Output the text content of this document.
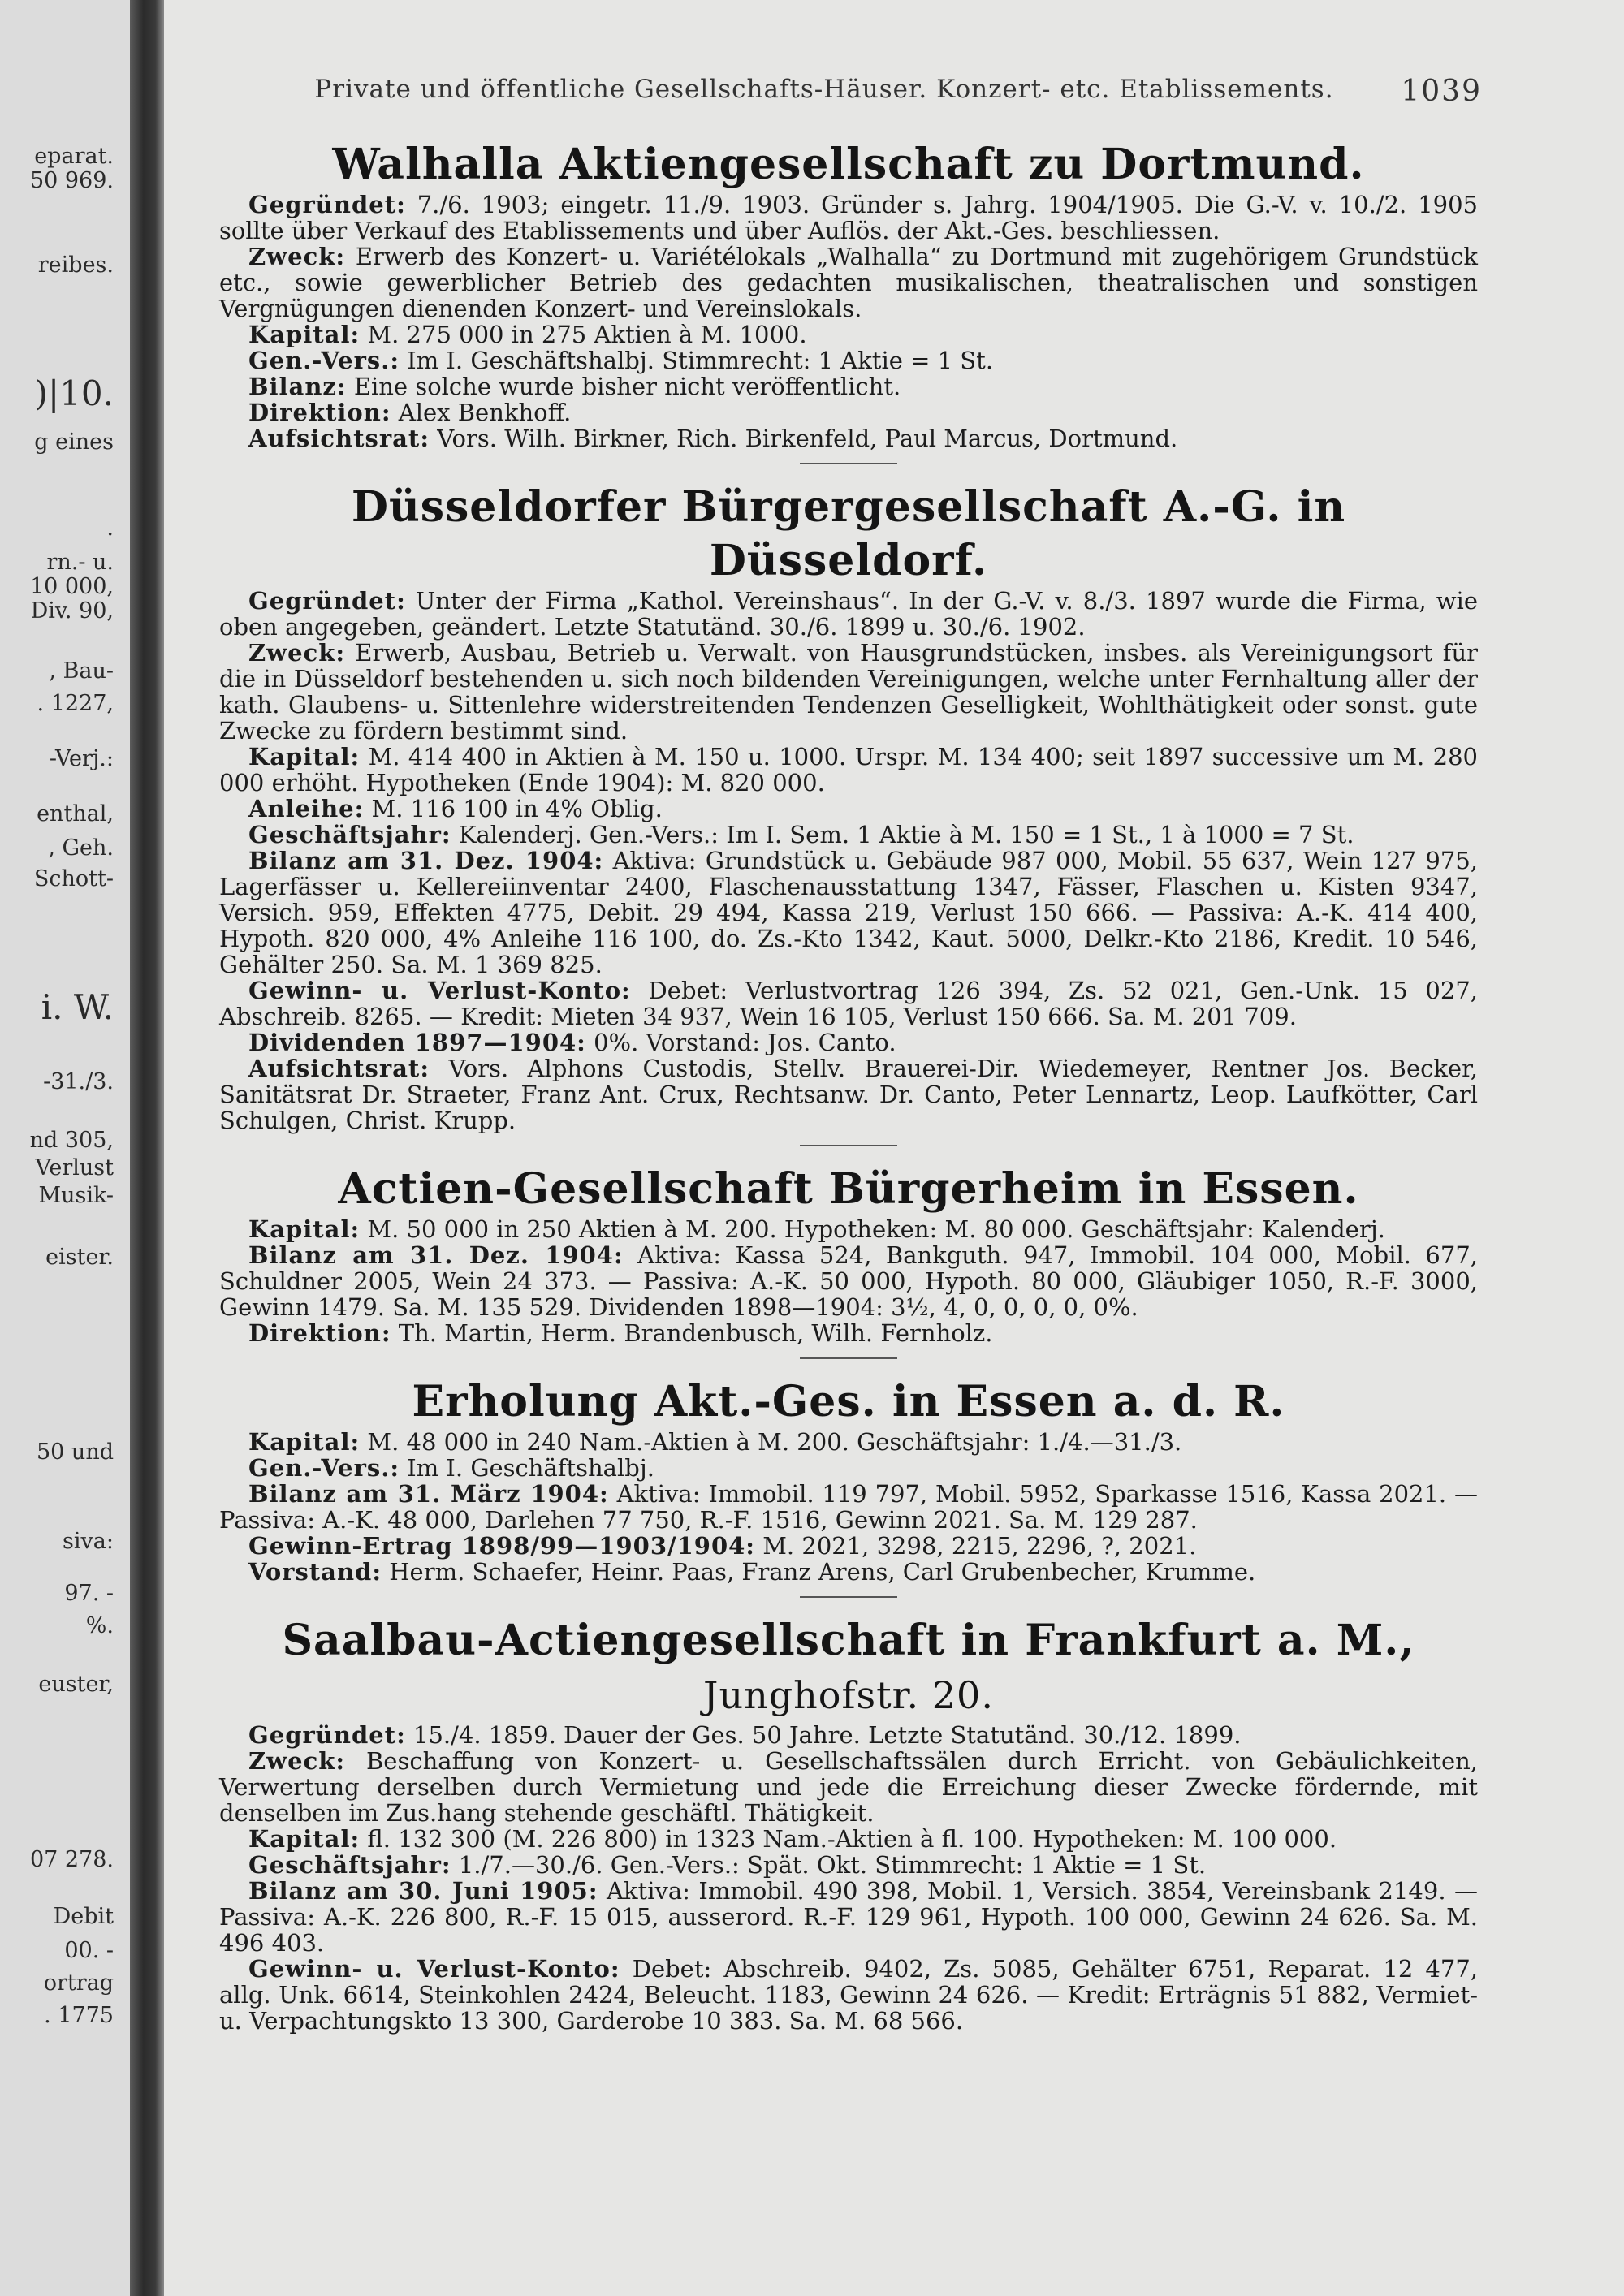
eparat.
50 969.
reibes.
)|10.
g eines
.
rn.- u.
10 000,
Div. 90,
, Bau-
. 1227,
-Verj.:
enthal,
, Geh.
Schott-
i. W.
-31./3.
nd 305,
Verlust
Musik-
eister.
50 und
siva:
97. -
%.
euster,
07 278.
Debit
00. -
ortrag
. 1775
Private und öffentliche Gesellschafts-Häuser. Konzert- etc. Etablissements. 1039
Walhalla Aktiengesellschaft zu Dortmund.

Gegründet: 7./6. 1903; eingetr. 11./9. 1903. Gründer s. Jahrg. 1904/1905. Die G.-V. v. 10./2. 1905 sollte über Verkauf des Etablissements und über Auflös. der Akt.-Ges. beschliessen.

Zweck: Erwerb des Konzert- u. Variétélokals „Walhalla“ zu Dortmund mit zugehörigem Grundstück etc., sowie gewerblicher Betrieb des gedachten musikalischen, theatralischen und sonstigen Vergnügungen dienenden Konzert- und Vereinslokals.

Kapital: M. 275 000 in 275 Aktien à M. 1000.

Gen.-Vers.: Im I. Geschäftshalbj. Stimmrecht: 1 Aktie = 1 St.

Bilanz: Eine solche wurde bisher nicht veröffentlicht.

Direktion: Alex Benkhoff.

Aufsichtsrat: Vors. Wilh. Birkner, Rich. Birkenfeld, Paul Marcus, Dortmund.

Düsseldorfer Bürgergesellschaft A.-G. in Düsseldorf.

Gegründet: Unter der Firma „Kathol. Vereinshaus“. In der G.-V. v. 8./3. 1897 wurde die Firma, wie oben angegeben, geändert. Letzte Statutänd. 30./6. 1899 u. 30./6. 1902.

Zweck: Erwerb, Ausbau, Betrieb u. Verwalt. von Hausgrundstücken, insbes. als Vereinigungsort für die in Düsseldorf bestehenden u. sich noch bildenden Vereinigungen, welche unter Fernhaltung aller der kath. Glaubens- u. Sittenlehre widerstreitenden Tendenzen Geselligkeit, Wohlthätigkeit oder sonst. gute Zwecke zu fördern bestimmt sind.

Kapital: M. 414 400 in Aktien à M. 150 u. 1000. Urspr. M. 134 400; seit 1897 successive um M. 280 000 erhöht. Hypotheken (Ende 1904): M. 820 000.

Anleihe: M. 116 100 in 4% Oblig.

Geschäftsjahr: Kalenderj. Gen.-Vers.: Im I. Sem. 1 Aktie à M. 150 = 1 St., 1 à 1000 = 7 St.

Bilanz am 31. Dez. 1904: Aktiva: Grundstück u. Gebäude 987 000, Mobil. 55 637, Wein 127 975, Lagerfässer u. Kellereiinventar 2400, Flaschenausstattung 1347, Fässer, Flaschen u. Kisten 9347, Versich. 959, Effekten 4775, Debit. 29 494, Kassa 219, Verlust 150 666. — Passiva: A.-K. 414 400, Hypoth. 820 000, 4% Anleihe 116 100, do. Zs.-Kto 1342, Kaut. 5000, Delkr.-Kto 2186, Kredit. 10 546, Gehälter 250. Sa. M. 1 369 825.

Gewinn- u. Verlust-Konto: Debet: Verlustvortrag 126 394, Zs. 52 021, Gen.-Unk. 15 027, Abschreib. 8265. — Kredit: Mieten 34 937, Wein 16 105, Verlust 150 666. Sa. M. 201 709.

Dividenden 1897—1904: 0%. Vorstand: Jos. Canto.

Aufsichtsrat: Vors. Alphons Custodis, Stellv. Brauerei-Dir. Wiedemeyer, Rentner Jos. Becker, Sanitätsrat Dr. Straeter, Franz Ant. Crux, Rechtsanw. Dr. Canto, Peter Lennartz, Leop. Laufkötter, Carl Schulgen, Christ. Krupp.

Actien-Gesellschaft Bürgerheim in Essen.

Kapital: M. 50 000 in 250 Aktien à M. 200. Hypotheken: M. 80 000. Geschäftsjahr: Kalenderj.

Bilanz am 31. Dez. 1904: Aktiva: Kassa 524, Bankguth. 947, Immobil. 104 000, Mobil. 677, Schuldner 2005, Wein 24 373. — Passiva: A.-K. 50 000, Hypoth. 80 000, Gläubiger 1050, R.-F. 3000, Gewinn 1479. Sa. M. 135 529. Dividenden 1898—1904: 3½, 4, 0, 0, 0, 0, 0%.

Direktion: Th. Martin, Herm. Brandenbusch, Wilh. Fernholz.

Erholung Akt.-Ges. in Essen a. d. R.

Kapital: M. 48 000 in 240 Nam.-Aktien à M. 200. Geschäftsjahr: 1./4.—31./3.

Gen.-Vers.: Im I. Geschäftshalbj.

Bilanz am 31. März 1904: Aktiva: Immobil. 119 797, Mobil. 5952, Sparkasse 1516, Kassa 2021. — Passiva: A.-K. 48 000, Darlehen 77 750, R.-F. 1516, Gewinn 2021. Sa. M. 129 287.

Gewinn-Ertrag 1898/99—1903/1904: M. 2021, 3298, 2215, 2296, ?, 2021.

Vorstand: Herm. Schaefer, Heinr. Paas, Franz Arens, Carl Grubenbecher, Krumme.

Saalbau-Actiengesellschaft in Frankfurt a. M., Junghofstr. 20.

Gegründet: 15./4. 1859. Dauer der Ges. 50 Jahre. Letzte Statutänd. 30./12. 1899.

Zweck: Beschaffung von Konzert- u. Gesellschaftssälen durch Erricht. von Gebäulichkeiten, Verwertung derselben durch Vermietung und jede die Erreichung dieser Zwecke fördernde, mit denselben im Zus.hang stehende geschäftl. Thätigkeit.

Kapital: fl. 132 300 (M. 226 800) in 1323 Nam.-Aktien à fl. 100. Hypotheken: M. 100 000.

Geschäftsjahr: 1./7.—30./6. Gen.-Vers.: Spät. Okt. Stimmrecht: 1 Aktie = 1 St.

Bilanz am 30. Juni 1905: Aktiva: Immobil. 490 398, Mobil. 1, Versich. 3854, Vereinsbank 2149. — Passiva: A.-K. 226 800, R.-F. 15 015, ausserord. R.-F. 129 961, Hypoth. 100 000, Gewinn 24 626. Sa. M. 496 403.

Gewinn- u. Verlust-Konto: Debet: Abschreib. 9402, Zs. 5085, Gehälter 6751, Reparat. 12 477, allg. Unk. 6614, Steinkohlen 2424, Beleucht. 1183, Gewinn 24 626. — Kredit: Erträgnis 51 882, Vermiet- u. Verpachtungskto 13 300, Garderobe 10 383. Sa. M. 68 566.
